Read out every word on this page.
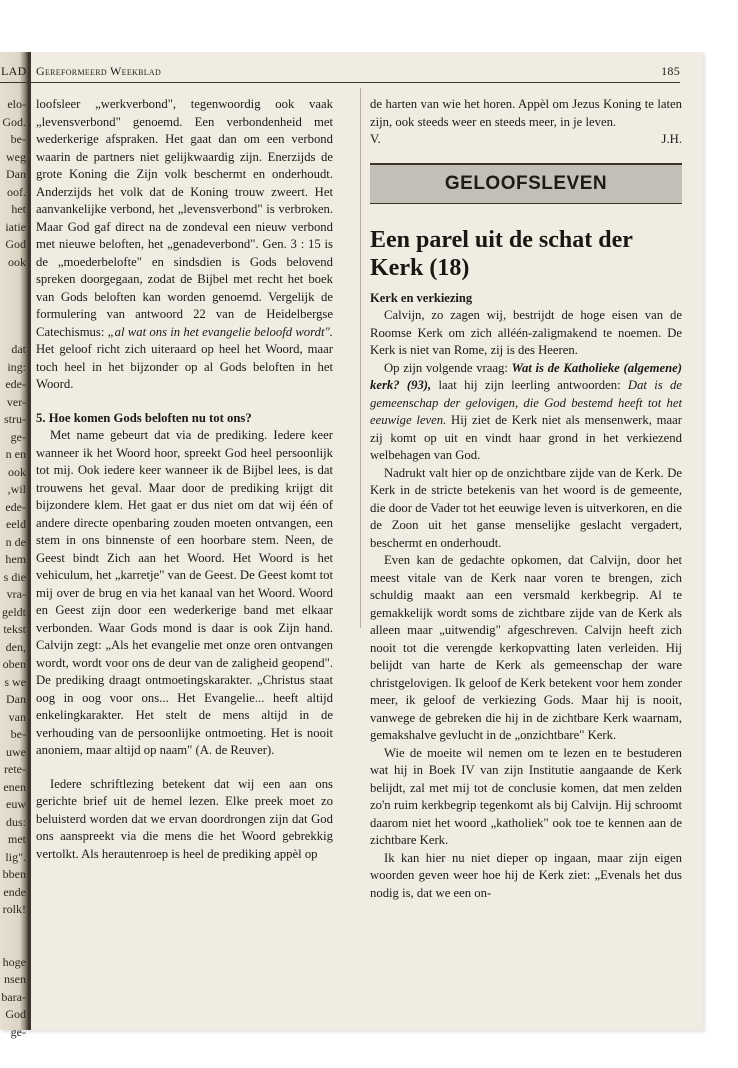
elo-
God.
be-
weg
Dan
oof.
het
iatie
God
ook
dat
ing:
ede-
ver-
stru-
ge-
n en
ook
,wil
ede-
eeld
n de
hem
s die
vra-
geldt
tekst
den,
oben
s we
Dan
van
be-
uwe
rete-
enen
euw
dus:
met
lig".
bben
ende
rolk!
hoge
nsen
bara-
God
ge-
LAD Gereformeerd Weekblad	185

loofsleer „werkverbond", tegenwoordig ook vaak „levensverbond" genoemd. Een verbondenheid met wederkerige afspraken. Het gaat dan om een verbond waarin de partners niet gelijkwaardig zijn. Enerzijds de grote Koning die Zijn volk beschermt en onderhoudt. Anderzijds het volk dat de Koning trouw zweert. Het aanvankelijke verbond, het „levensverbond" is verbroken. Maar God gaf direct na de zondeval een nieuw verbond met nieuwe beloften, het „genadeverbond". Gen. 3 : 15 is de „moederbelofte" en sindsdien is Gods belovend spreken doorgegaan, zodat de Bijbel met recht het boek van Gods beloften kan worden genoemd. Vergelijk de formulering van antwoord 22 van de Heidelbergse Catechismus: „al wat ons in het evangelie beloofd wordt". Het geloof richt zich uiteraard op heel het Woord, maar toch heel in het bijzonder op al Gods beloften in het Woord.

5. Hoe komen Gods beloften nu tot ons?

Met name gebeurt dat via de prediking. Iedere keer wanneer ik het Woord hoor, spreekt God heel persoonlijk tot mij. Ook iedere keer wanneer ik de Bijbel lees, is dat trouwens het geval. Maar door de prediking krijgt dit bijzondere klem. Het gaat er dus niet om dat wij één of andere directe openbaring zouden moeten ontvangen, een stem in ons binnenste of een hoorbare stem. Neen, de Geest bindt Zich aan het Woord. Het Woord is het vehiculum, het „karretje" van de Geest. De Geest komt tot mij over de brug en via het kanaal van het Woord. Woord en Geest zijn door een wederkerige band met elkaar verbonden. Waar Gods mond is daar is ook Zijn hand. Calvijn zegt: „Als het evangelie met onze oren ontvangen wordt, wordt voor ons de deur van de zaligheid geopend". De prediking draagt ontmoetingskarakter. „Christus staat oog in oog voor ons... Het Evangelie... heeft altijd enkelingkarakter. Het stelt de mens altijd in de verhouding van de persoonlijke ontmoeting. Het is nooit anoniem, maar altijd op naam" (A. de Reuver).

Iedere schriftlezing betekent dat wij een aan ons gerichte brief uit de hemel lezen. Elke preek moet zo beluisterd worden dat we ervan doordrongen zijn dat God ons aanspreekt via die mens die het Woord gebrekkig vertolkt. Als herautenroep is heel de prediking appèl op

de harten van wie het horen. Appèl om Jezus Koning te laten zijn, ook steeds weer en steeds meer, in je leven.

V.	J.H.
GELOOFSLEVEN

Een parel uit de schat der Kerk (18)

Kerk en verkiezing

Calvijn, zo zagen wij, bestrijdt de hoge eisen van de Roomse Kerk om zich alléén-zaligmakend te noemen. De Kerk is niet van Rome, zij is des Heeren.

Op zijn volgende vraag: Wat is de Katholieke (algemene) kerk? (93), laat hij zijn leerling antwoorden: Dat is de gemeenschap der gelovigen, die God bestemd heeft tot het eeuwige leven. Hij ziet de Kerk niet als mensenwerk, maar zij komt op uit en vindt haar grond in het verkiezend welbehagen van God.

Nadrukt valt hier op de onzichtbare zijde van de Kerk. De Kerk in de stricte betekenis van het woord is de gemeente, die door de Vader tot het eeuwige leven is uitverkoren, en die de Zoon uit het ganse menselijke geslacht vergadert, beschermt en onderhoudt.

Even kan de gedachte opkomen, dat Calvijn, door het meest vitale van de Kerk naar voren te brengen, zich schuldig maakt aan een versmald kerkbegrip. Al te gemakkelijk wordt soms de zichtbare zijde van de Kerk als alleen maar „uitwendig" afgeschreven. Calvijn heeft zich nooit tot die verengde kerkopvatting laten verleiden. Hij belijdt van harte de Kerk als gemeenschap der ware christgelovigen. Ik geloof de Kerk betekent voor hem zonder meer, ik geloof de verkiezing Gods. Maar hij is nooit, vanwege de gebreken die hij in de zichtbare Kerk waarnam, gemakshalve gevlucht in de „onzichtbare" Kerk.

Wie de moeite wil nemen om te lezen en te bestuderen wat hij in Boek IV van zijn Institutie aangaande de Kerk belijdt, zal met mij tot de conclusie komen, dat men zelden zo'n ruim kerkbegrip tegenkomt als bij Calvijn. Hij schroomt daarom niet het woord „katholiek" ook toe te kennen aan de zichtbare Kerk.

Ik kan hier nu niet dieper op ingaan, maar zijn eigen woorden geven weer hoe hij de Kerk ziet: „Evenals het dus nodig is, dat we een on-
